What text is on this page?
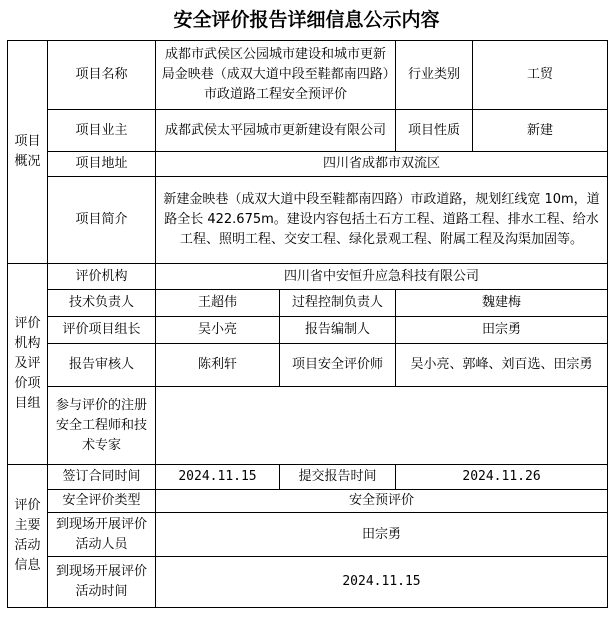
安全评价报告详细信息公示内容
项目
概况	项目名称	成都市武侯区公园城市建设和城市更新局金映巷（成双大道中段至鞋都南四路）市政道路工程安全预评价		行业类别	工贸
	项目业主	成都武侯太平园城市更新建设有限公司		项目性质	新建
	项目地址	四川省成都市双流区			
	项目简介	新建金映巷（成双大道中段至鞋都南四路）市政道路，规划红线宽 10m，道路全长 422.675m。建设内容包括土石方工程、道路工程、排水工程、给水工程、照明工程、交安工程、绿化景观工程、附属工程及沟渠加固等。			
评价
机构
及评
价项
目组	评价机构	四川省中安恒升应急科技有限公司			
	技术负责人	王超伟	过程控制负责人	魏建梅	
	评价项目组长	吴小亮	报告编制人	田宗勇	
	报告审核人	陈利轩	项目安全评价师	吴小亮、郭峰、刘百选、田宗勇	
	参与评价的注册安全工程师和技术专家				
评价
主要
活动
信息	签订合同时间	2024.11.15	提交报告时间	2024.11.26	
	安全评价类型	安全预评价			
	到现场开展评价活动人员	田宗勇			
	到现场开展评价活动时间	2024.11.15			
